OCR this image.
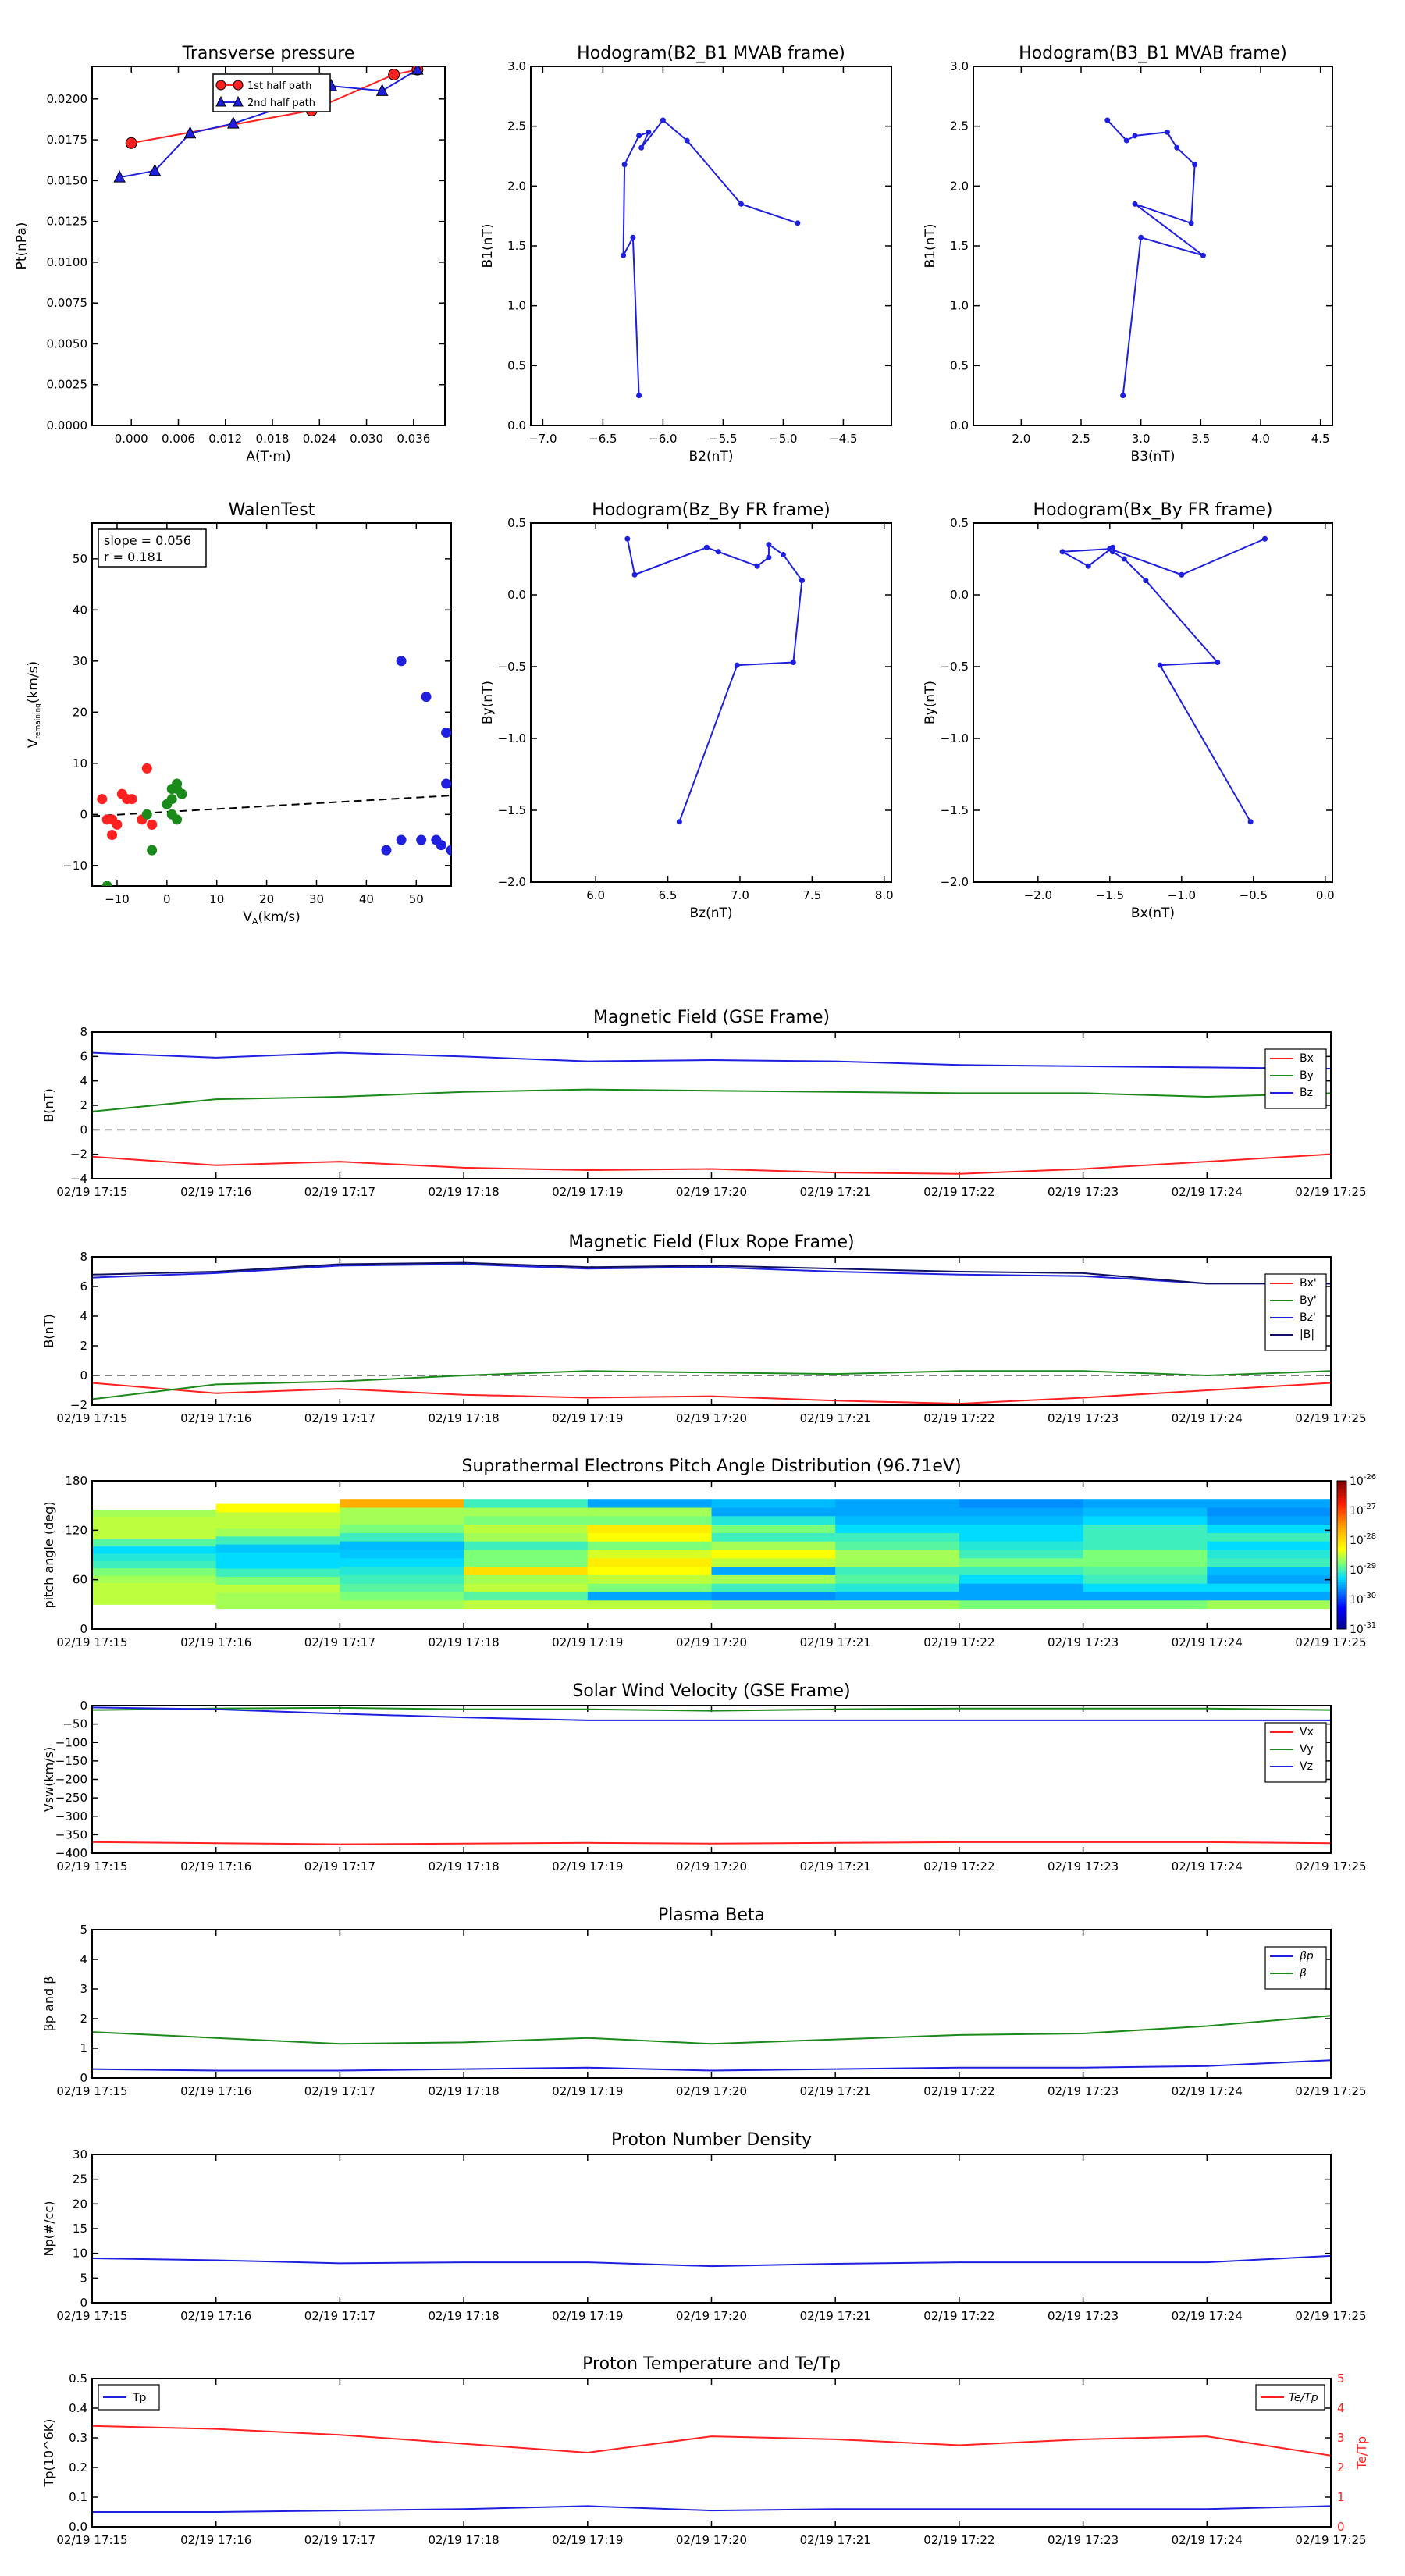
Transverse pressure
0.000 0.006 0.012 0.018 0.024 0.030 0.036
0.0000
0.0025
0.0050
0.0075
0.0100
0.0125
0.0150
0.0175
0.0200
A(T·m)
Pt(nPa)
1st half path
2nd half path
Hodogram(B2_B1 MVAB frame)
−7.0	−6.5	−6.0	−5.5	−5.0	−4.5
0.0
0.5
1.0
1.5
2.0
2.5
3.0
B2(nT)
B1(nT)
Hodogram(B3_B1 MVAB frame)
2.0	2.5	3.0	3.5	4.0	4.5
0.0
0.5
1.0
1.5
2.0
2.5
3.0
B3(nT)
B1(nT)
WalenTest
−10	0	10	20	30	40	50
−10
0
10
20
30
40
50
$V_A(km/s)$
Vremaining(km/s)
slope = 0.056
r = 0.181
Hodogram(Bz_By FR frame)
6.0	6.5	7.0	7.5	8.0
−2.0
−1.5
−1.0
−0.5
0.0
0.5
Bz(nT)
By(nT)
Hodogram(Bx_By FR frame)
−2.0	−1.5	−1.0	−0.5	0.0
−2.0
−1.5
−1.0
−0.5
0.0
0.5
Bx(nT)
By(nT)
Magnetic Field (GSE Frame)
−4
−2
0
2
4
6
8
B(nT)
02/19 17:15	02/19 17:16	02/19 17:17	02/19 17:18	02/19 17:19	02/19 17:20	02/19 17:21	02/19 17:22	02/19 17:23	02/19 17:24	02/19 17:25
Bx
By
Bz
Magnetic Field (Flux Rope Frame)
−2
0
2
4
6
8
B(nT)
02/19 17:15	02/19 17:16	02/19 17:17	02/19 17:18	02/19 17:19	02/19 17:20	02/19 17:21	02/19 17:22	02/19 17:23	02/19 17:24	02/19 17:25
Bx'
By'
Bz'
|B|
Solar Wind Velocity (GSE Frame)
−400
−350
−300
−250
−200
−150
−100
−50
0
Vsw(km/s)
02/19 17:15	02/19 17:16	02/19 17:17	02/19 17:18	02/19 17:19	02/19 17:20	02/19 17:21	02/19 17:22	02/19 17:23	02/19 17:24	02/19 17:25
Vx
Vy
Vz
Plasma Beta
0
1
2
3
4
5
βp and β
02/19 17:15	02/19 17:16	02/19 17:17	02/19 17:18	02/19 17:19	02/19 17:20	02/19 17:21	02/19 17:22	02/19 17:23	02/19 17:24	02/19 17:25
βp
β
Proton Number Density
0
5
10
15
20
25
30
Np(#/cc)
02/19 17:15	02/19 17:16	02/19 17:17	02/19 17:18	02/19 17:19	02/19 17:20	02/19 17:21	02/19 17:22	02/19 17:23	02/19 17:24	02/19 17:25
Proton Temperature and Te/Tp
0.0
0.1
0.2
0.3
0.4
0.5
Tp(10^6K)
02/19 17:15	02/19 17:16	02/19 17:17	02/19 17:18	02/19 17:19	02/19 17:20	02/19 17:21	02/19 17:22	02/19 17:23	02/19 17:24	02/19 17:25
0
1
2
3
4
5
Te/Tp
Tp	Te/Tp
Suprathermal Electrons Pitch Angle Distribution (96.71eV)
0
60
120
180
pitch angle (deg)
02/19 17:15	02/19 17:16	02/19 17:17	02/19 17:18	02/19 17:19	02/19 17:20	02/19 17:21	02/19 17:22	02/19 17:23	02/19 17:24	02/19 17:25
$10^{-26}$
$10^{-27}$
$10^{-28}$
$10^{-29}$
$10^{-30}$
$10^{-31}$
